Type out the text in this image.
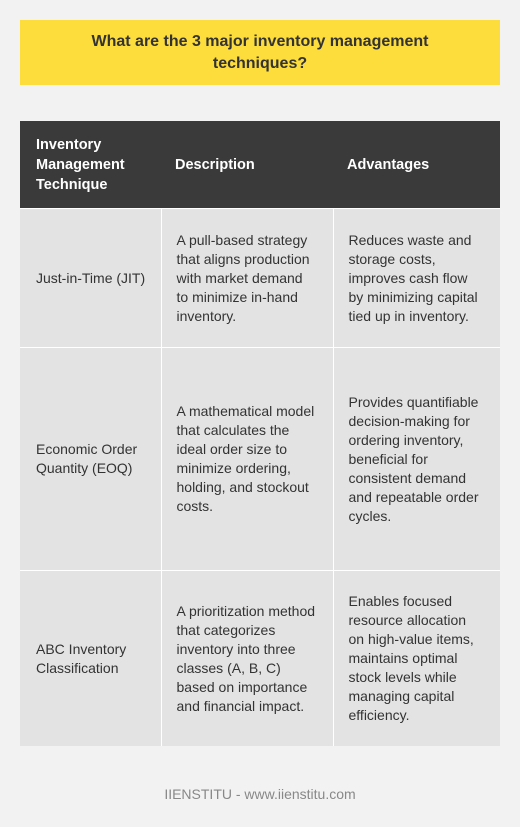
What are the 3 major inventory management techniques?
Inventory Management Technique	Description	Advantages
Just-in-Time (JIT)	A pull-based strategy that aligns production with market demand to minimize in-hand inventory.	Reduces waste and storage costs, improves cash flow by minimizing capital tied up in inventory.
Economic Order Quantity (EOQ)	A mathematical model that calculates the ideal order size to minimize ordering, holding, and stockout costs.	Provides quantifiable decision-making for ordering inventory, beneficial for consistent demand and repeatable order cycles.
ABC Inventory Classification	A prioritization method that categorizes inventory into three classes (A, B, C) based on importance and financial impact.	Enables focused resource allocation on high-value items, maintains optimal stock levels while managing capital efficiency.
IIENSTITU - www.iienstitu.com
